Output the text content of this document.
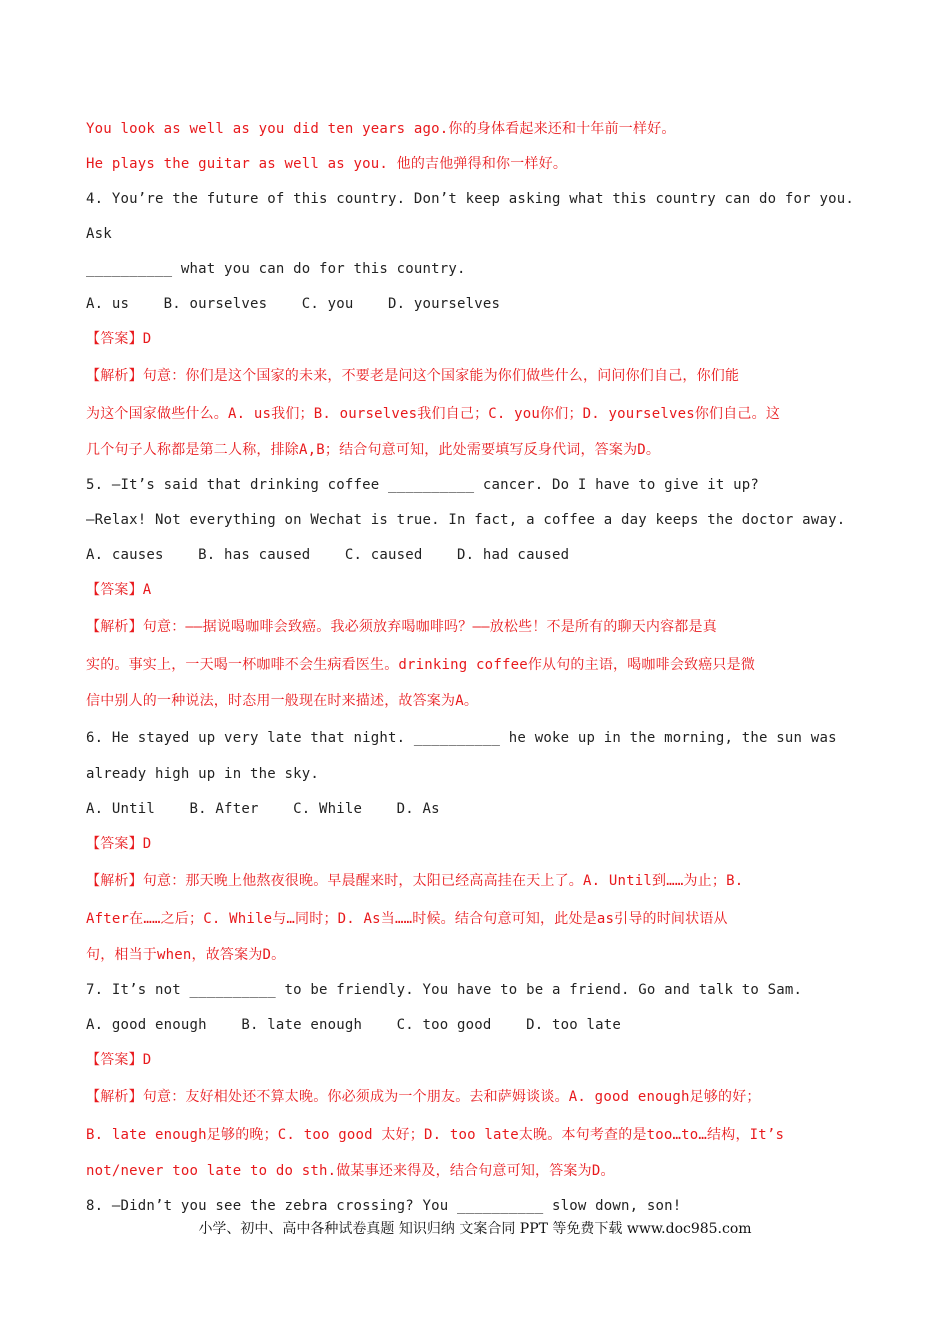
You look as well as you did ten years ago.你的身体看起来还和十年前一样好。

He plays the guitar as well as you. 他的吉他弹得和你一样好。

4. You’re the future of this country. Don’t keep asking what this country can do for you.

Ask

__________ what you can do for this country.

A. us    B. ourselves    C. you    D. yourselves

【答案】D

【解析】句意：你们是这个国家的未来，不要老是问这个国家能为你们做些什么，问问你们自己，你们能

为这个国家做些什么。A. us我们；B. ourselves我们自己；C. you你们；D. yourselves你们自己。这

几个句子人称都是第二人称，排除A,B；结合句意可知，此处需要填写反身代词，答案为D。

5. —It’s said that drinking coffee __________ cancer. Do I have to give it up?

—Relax! Not everything on Wechat is true. In fact, a coffee a day keeps the doctor away.

A. causes    B. has caused    C. caused    D. had caused

【答案】A

【解析】句意：——据说喝咖啡会致癌。我必须放弃喝咖啡吗？——放松些！不是所有的聊天内容都是真

实的。事实上，一天喝一杯咖啡不会生病看医生。drinking coffee作从句的主语，喝咖啡会致癌只是微

信中别人的一种说法，时态用一般现在时来描述，故答案为A。

6. He stayed up very late that night. __________ he woke up in the morning, the sun was

already high up in the sky.

A. Until    B. After    C. While    D. As

【答案】D

【解析】句意：那天晚上他熬夜很晚。早晨醒来时，太阳已经高高挂在天上了。A. Until到……为止；B.

After在……之后；C. While与…同时；D. As当……时候。结合句意可知，此处是as引导的时间状语从

句，相当于when，故答案为D。

7. It’s not __________ to be friendly. You have to be a friend. Go and talk to Sam.

A. good enough    B. late enough    C. too good    D. too late

【答案】D

【解析】句意：友好相处还不算太晚。你必须成为一个朋友。去和萨姆谈谈。A. good enough足够的好；

B. late enough足够的晚；C. too good 太好；D. too late太晚。本句考查的是too…to…结构，It’s

not/never too late to do sth.做某事还来得及，结合句意可知，答案为D。

8. —Didn’t you see the zebra crossing? You __________ slow down, son!

小学、初中、高中各种试卷真题 知识归纳 文案合同 PPT 等免费下载 www.doc985.com
